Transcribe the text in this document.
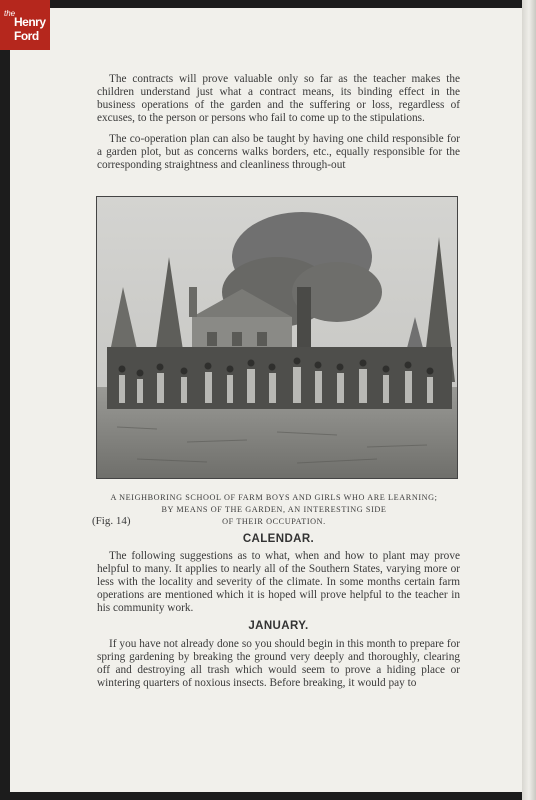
the
Henry
Ford
The contracts will prove valuable only so far as the teacher makes the children understand just what a contract means, its binding effect in the business operations of the garden and the suffering or loss, regardless of excuses, to the person or persons who fail to come up to the stipulations.
The co-operation plan can also be taught by having one child responsible for a garden plot, but as concerns walks borders, etc., equally responsible for the corresponding straightness and cleanliness through-out
A NEIGHBORING SCHOOL OF FARM BOYS AND GIRLS WHO ARE LEARNING;
BY MEANS OF THE GARDEN, AN INTERESTING SIDE
OF THEIR OCCUPATION.
(Fig. 14)
CALENDAR.
The following suggestions as to what, when and how to plant may prove helpful to many. It applies to nearly all of the Southern States, varying more or less with the locality and severity of the climate. In some months certain farm operations are mentioned which it is hoped will prove helpful to the teacher in his community work.
JANUARY.
If you have not already done so you should begin in this month to prepare for spring gardening by breaking the ground very deeply and thoroughly, clearing off and destroying all trash which would seem to prove a hiding place or wintering quarters of noxious insects. Before breaking, it would pay to
